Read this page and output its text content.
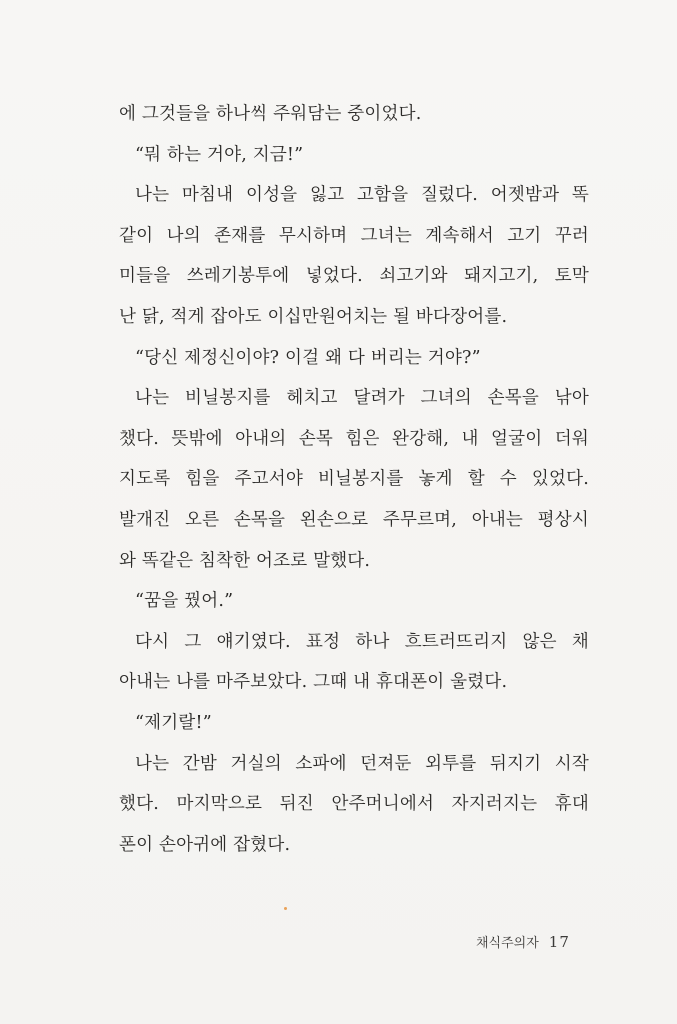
에 그것들을 하나씩 주워담는 중이었다.
“뭐 하는 거야, 지금!”
나는 마침내 이성을 잃고 고함을 질렀다. 어젯밤과 똑
같이 나의 존재를 무시하며 그녀는 계속해서 고기 꾸러
미들을 쓰레기봉투에 넣었다. 쇠고기와 돼지고기, 토막
난 닭, 적게 잡아도 이십만원어치는 될 바다장어를.
“당신 제정신이야? 이걸 왜 다 버리는 거야?”
나는 비닐봉지를 헤치고 달려가 그녀의 손목을 낚아
챘다. 뜻밖에 아내의 손목 힘은 완강해, 내 얼굴이 더워
지도록 힘을 주고서야 비닐봉지를 놓게 할 수 있었다.
발개진 오른 손목을 왼손으로 주무르며, 아내는 평상시
와 똑같은 침착한 어조로 말했다.
“꿈을 꿨어.”
다시 그 얘기였다. 표정 하나 흐트러뜨리지 않은 채
아내는 나를 마주보았다. 그때 내 휴대폰이 울렸다.
“제기랄!”
나는 간밤 거실의 소파에 던져둔 외투를 뒤지기 시작
했다. 마지막으로 뒤진 안주머니에서 자지러지는 휴대
폰이 손아귀에 잡혔다.
채식주의자 17
